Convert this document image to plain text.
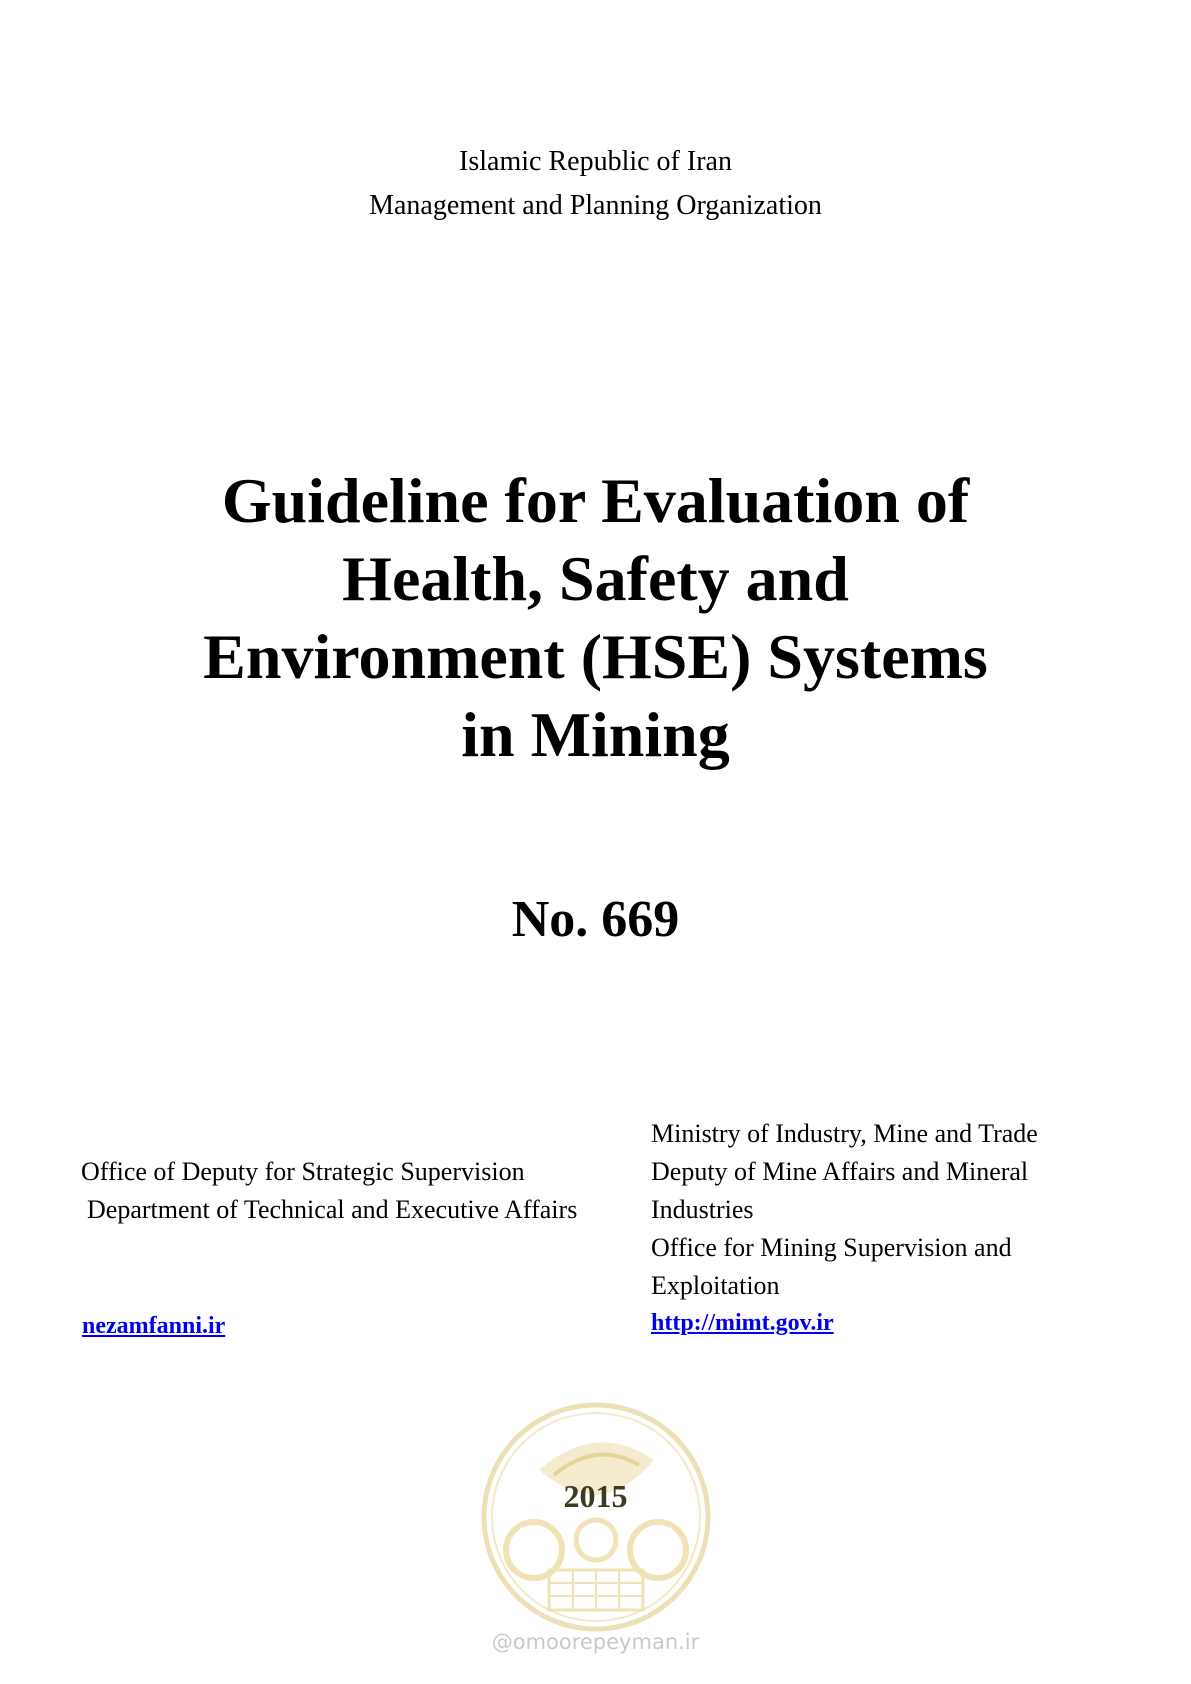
Islamic Republic of Iran
Management and Planning Organization
Guideline for Evaluation of
Health, Safety and
Environment (HSE) Systems
in Mining
No. 669
Office of Deputy for Strategic Supervision
Department of Technical and Executive Affairs
nezamfanni.ir
Ministry of Industry, Mine and Trade
Deputy of Mine Affairs and Mineral
Industries
Office for Mining Supervision and
Exploitation
http://mimt.gov.ir
2015
@omoorepeyman.ir
